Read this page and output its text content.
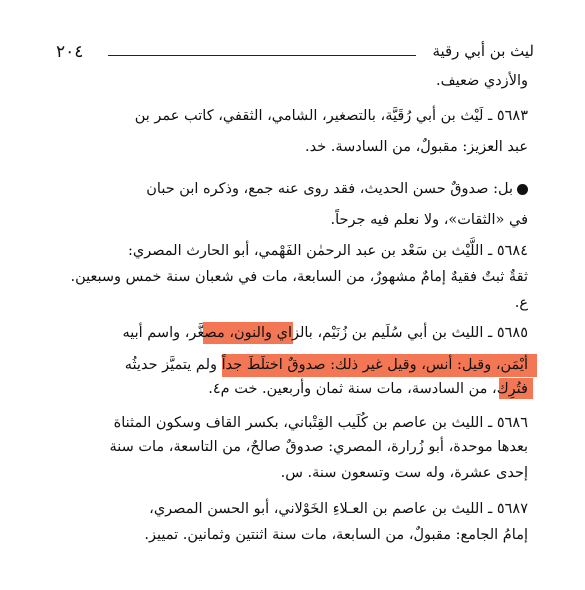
٢٠٤	ليث بن أبي رقية
والأزدي ضعيف.
٥٦٨٣ ـ لَيْث بن أبي رُقَيَّة، بالتصغير، الشامي، الثقفي، كاتب عمر بن
عبد العزيز: مقبولٌ، من السادسة. خد.
بل: صدوقٌ حسن الحديث، فقد روى عنه جمع، وذكره ابن حبان
في «الثقات»، ولا نعلم فيه جرحاً.
٥٦٨٤ ـ اللَّيْث بن سَعْد بن عبد الرحمٰن الفَهْمي، أبو الحارث المصري:
ثقةٌ ثبتٌ فقيهٌ إمامٌ مشهورٌ، من السابعة، مات في شعبان سنة خمس وسبعين.
ع.
٥٦٨٥ ـ الليث بن أبي سُلَيم بن زُنَيْم، بالزاي والنون، مصغَّر، واسم أبيه
أيْمَن، وقيل: أنس، وقيل غير ذلك: صدوقٌ اختلَطَ جداً ولم يتميَّز حديثُه
فتُرِك، من السادسة، مات سنة ثمان وأربعين. خت م٤.
٥٦٨٦ ـ الليث بن عاصم بن كُلَيب القِتْباني، بكسر القاف وسكون المثناة
بعدها موحدة، أبو زُرارة، المصري: صدوقٌ صالحٌ، من التاسعة، مات سنة
إحدى عشرة، وله ست وتسعون سنة. س.
٥٦٨٧ ـ الليث بن عاصم بن العـلاءِ الخَوْلاني، أبو الحسن المصري،
إمامُ الجامع: مقبولٌ، من السابعة، مات سنة اثنتين وثمانين. تمييز.
